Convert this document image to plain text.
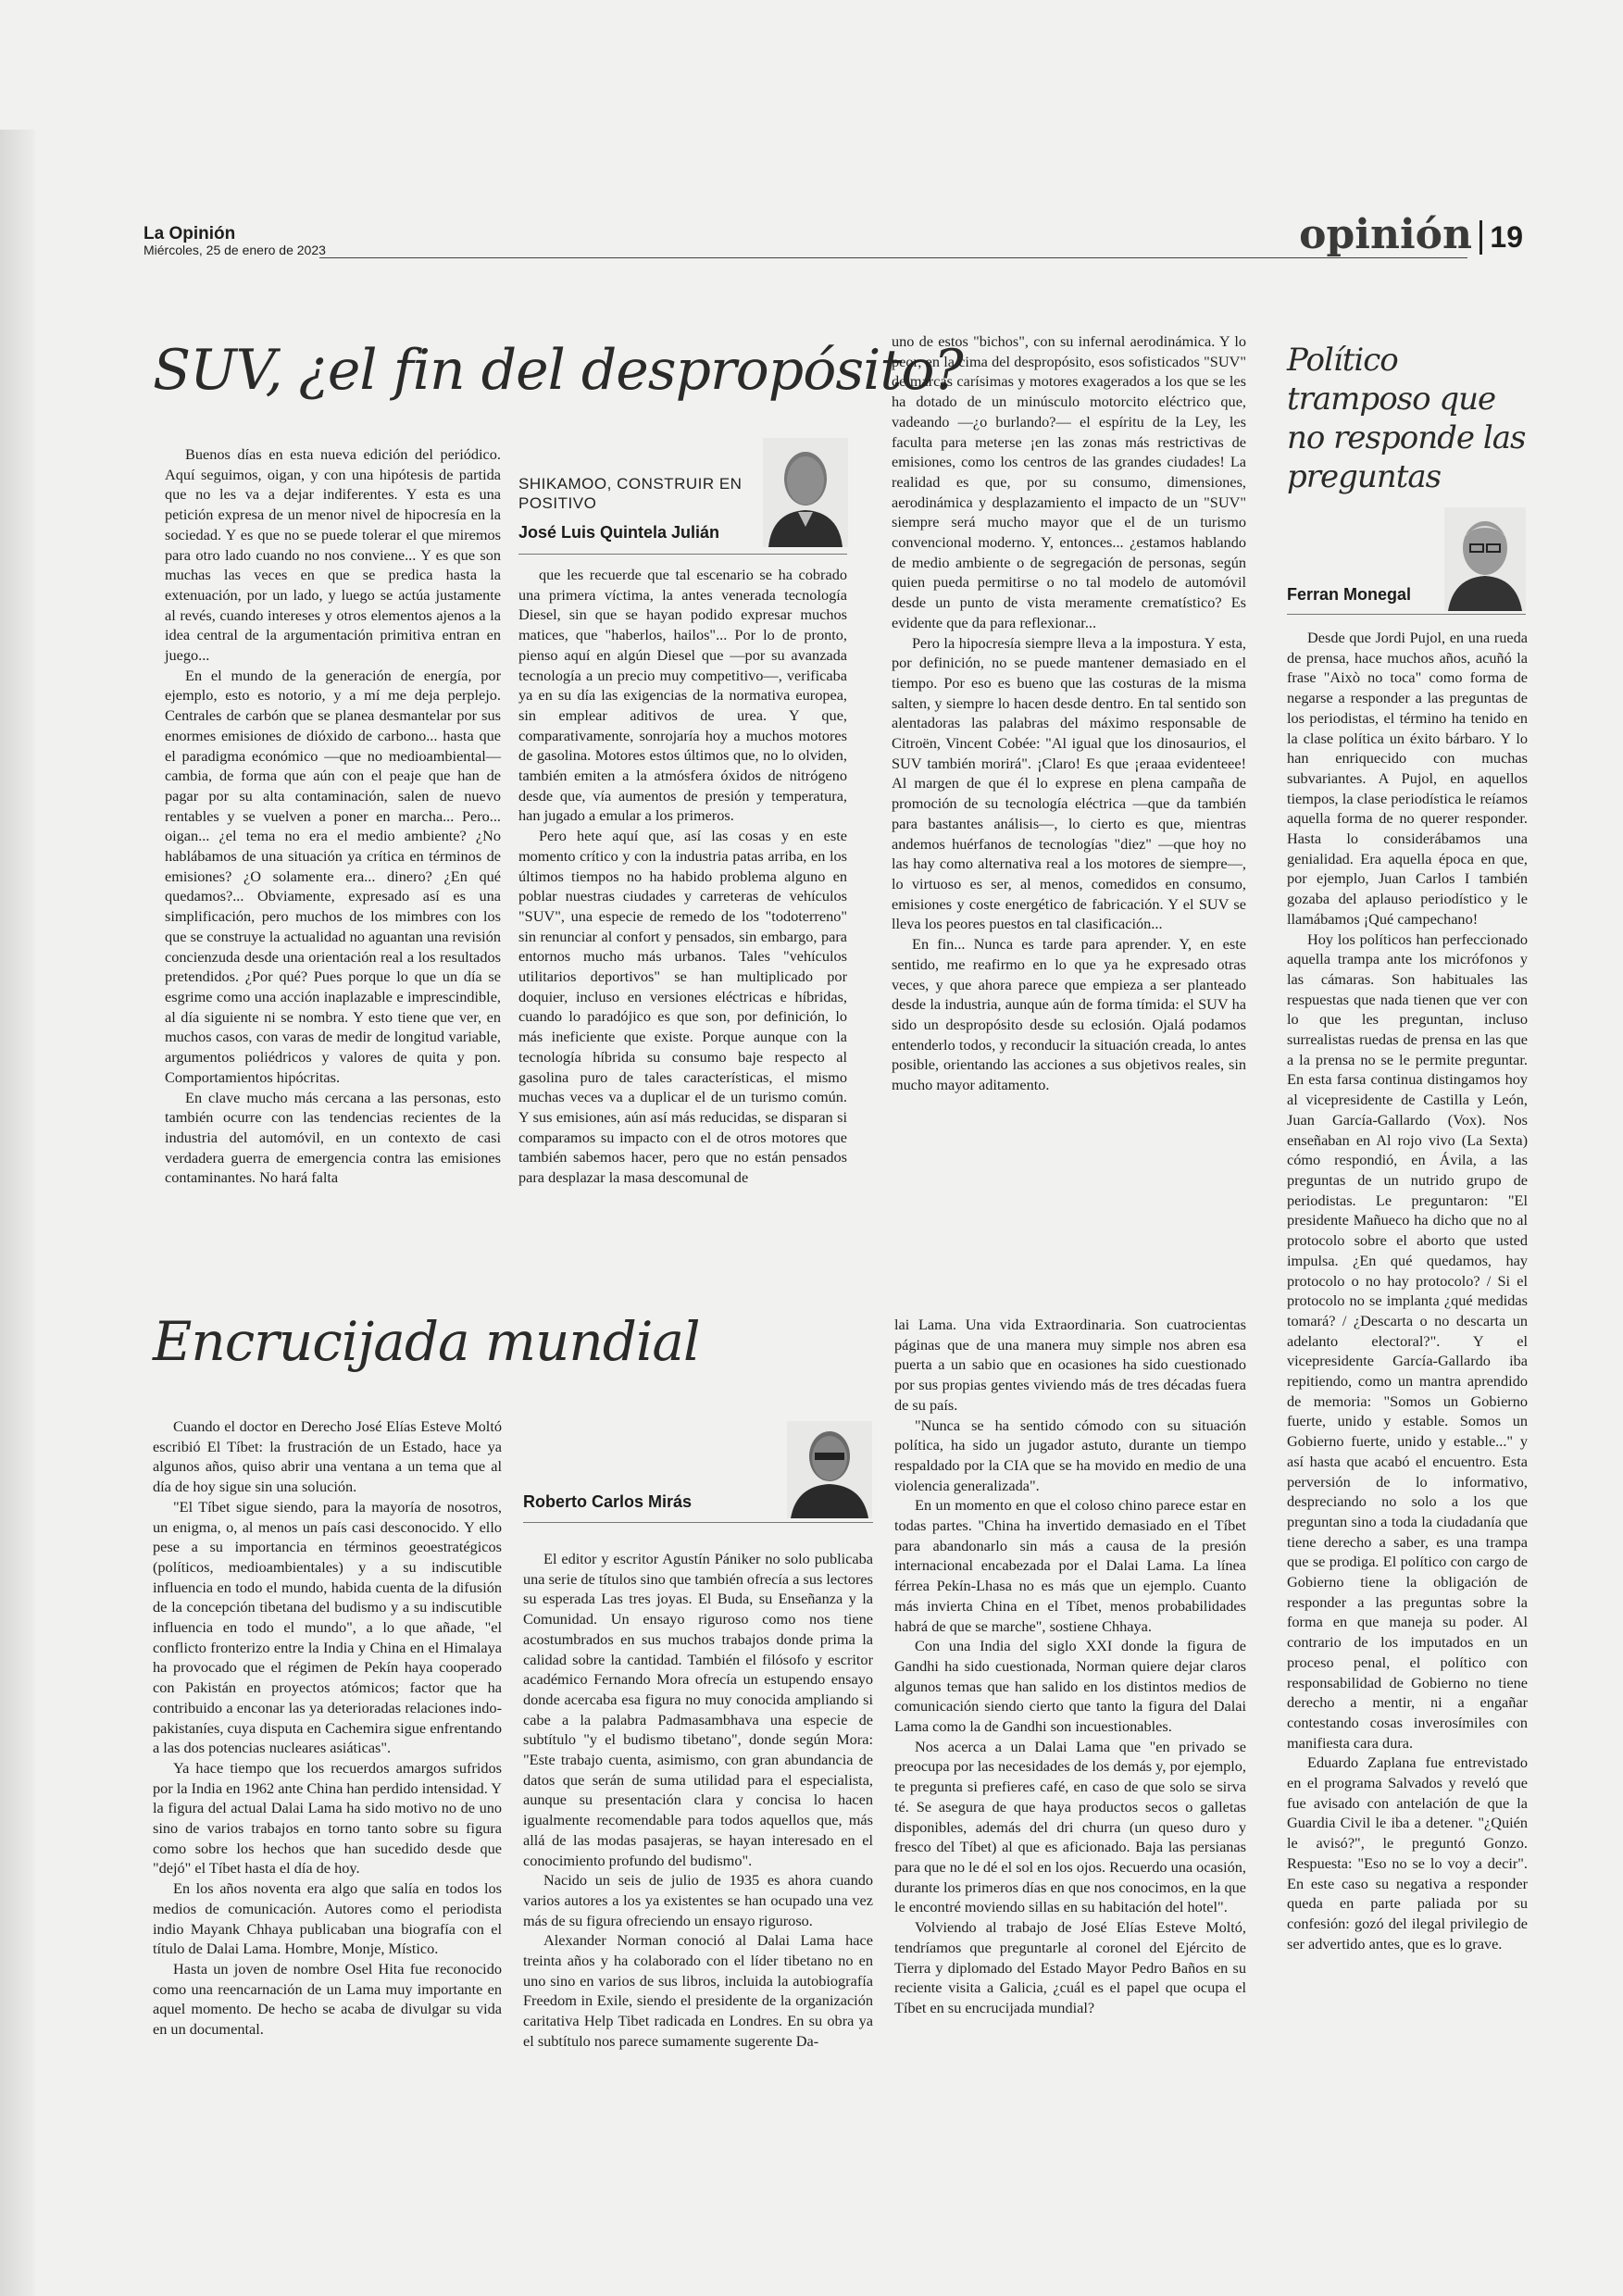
La Opinión
Miércoles, 25 de enero de 2023	opinión 19
SUV, ¿el fin del despropósito?

Buenos días en esta nueva edición del periódico. Aquí seguimos, oigan, y con una hipótesis de partida que no les va a dejar indiferentes. Y esta es una petición expresa de un menor nivel de hipocresía en la sociedad. Y es que no se puede tolerar el que miremos para otro lado cuando no nos conviene... Y es que son muchas las veces en que se predica hasta la extenuación, por un lado, y luego se actúa justamente al revés, cuando intereses y otros elementos ajenos a la idea central de la argumentación primitiva entran en juego...

En el mundo de la generación de energía, por ejemplo, esto es notorio, y a mí me deja perplejo. Centrales de carbón que se planea desmantelar por sus enormes emisiones de dióxido de carbono... hasta que el paradigma económico —que no medioambiental— cambia, de forma que aún con el peaje que han de pagar por su alta contaminación, salen de nuevo rentables y se vuelven a poner en marcha... Pero... oigan... ¿el tema no era el medio ambiente? ¿No hablábamos de una situación ya crítica en términos de emisiones? ¿O solamente era... dinero? ¿En qué quedamos?... Obviamente, expresado así es una simplificación, pero muchos de los mimbres con los que se construye la actualidad no aguantan una revisión concienzuda desde una orientación real a los resultados pretendidos. ¿Por qué? Pues porque lo que un día se esgrime como una acción inaplazable e imprescindible, al día siguiente ni se nombra. Y esto tiene que ver, en muchos casos, con varas de medir de longitud variable, argumentos poliédricos y valores de quita y pon. Comportamientos hipócritas.

En clave mucho más cercana a las personas, esto también ocurre con las tendencias recientes de la industria del automóvil, en un contexto de casi verdadera guerra de emergencia contra las emisiones contaminantes. No hará falta

SHIKAMOO, CONSTRUIR EN POSITIVO
José Luis Quintela Julián

que les recuerde que tal escenario se ha cobrado una primera víctima, la antes venerada tecnología Diesel, sin que se hayan podido expresar muchos matices, que "haberlos, hailos"... Por lo de pronto, pienso aquí en algún Diesel que —por su avanzada tecnología a un precio muy competitivo—, verificaba ya en su día las exigencias de la normativa europea, sin emplear aditivos de urea. Y que, comparativamente, sonrojaría hoy a muchos motores de gasolina. Motores estos últimos que, no lo olviden, también emiten a la atmósfera óxidos de nitrógeno desde que, vía aumentos de presión y temperatura, han jugado a emular a los primeros.

Pero hete aquí que, así las cosas y en este momento crítico y con la industria patas arriba, en los últimos tiempos no ha habido problema alguno en poblar nuestras ciudades y carreteras de vehículos "SUV", una especie de remedo de los "todoterreno" sin renunciar al confort y pensados, sin embargo, para entornos mucho más urbanos. Tales "vehículos utilitarios deportivos" se han multiplicado por doquier, incluso en versiones eléctricas e híbridas, cuando lo paradójico es que son, por definición, lo más ineficiente que existe. Porque aunque con la tecnología híbrida su consumo baje respecto al gasolina puro de tales características, el mismo muchas veces va a duplicar el de un turismo común. Y sus emisiones, aún así más reducidas, se disparan si comparamos su impacto con el de otros motores que también sabemos hacer, pero que no están pensados para desplazar la masa descomunal de

uno de estos "bichos", con su infernal aerodinámica. Y lo peor, en la cima del despropósito, esos sofisticados "SUV" de marcas carísimas y motores exagerados a los que se les ha dotado de un minúsculo motorcito eléctrico que, vadeando —¿o burlando?— el espíritu de la Ley, les faculta para meterse ¡en las zonas más restrictivas de emisiones, como los centros de las grandes ciudades! La realidad es que, por su consumo, dimensiones, aerodinámica y desplazamiento el impacto de un "SUV" siempre será mucho mayor que el de un turismo convencional moderno. Y, entonces... ¿estamos hablando de medio ambiente o de segregación de personas, según quien pueda permitirse o no tal modelo de automóvil desde un punto de vista meramente crematístico? Es evidente que da para reflexionar...

Pero la hipocresía siempre lleva a la impostura. Y esta, por definición, no se puede mantener demasiado en el tiempo. Por eso es bueno que las costuras de la misma salten, y siempre lo hacen desde dentro. En tal sentido son alentadoras las palabras del máximo responsable de Citroën, Vincent Cobée: "Al igual que los dinosaurios, el SUV también morirá". ¡Claro! Es que ¡eraaa evidenteee! Al margen de que él lo exprese en plena campaña de promoción de su tecnología eléctrica —que da también para bastantes análisis—, lo cierto es que, mientras andemos huérfanos de tecnologías "diez" —que hoy no las hay como alternativa real a los motores de siempre—, lo virtuoso es ser, al menos, comedidos en consumo, emisiones y coste energético de fabricación. Y el SUV se lleva los peores puestos en tal clasificación...

En fin... Nunca es tarde para aprender. Y, en este sentido, me reafirmo en lo que ya he expresado otras veces, y que ahora parece que empieza a ser planteado desde la industria, aunque aún de forma tímida: el SUV ha sido un despropósito desde su eclosión. Ojalá podamos entenderlo todos, y reconducir la situación creada, lo antes posible, orientando las acciones a sus objetivos reales, sin mucho mayor aditamento.

Encrucijada mundial

Cuando el doctor en Derecho José Elías Esteve Moltó escribió El Tíbet: la frustración de un Estado, hace ya algunos años, quiso abrir una ventana a un tema que al día de hoy sigue sin una solución.

"El Tíbet sigue siendo, para la mayoría de nosotros, un enigma, o, al menos un país casi desconocido. Y ello pese a su importancia en términos geoestratégicos (políticos, medioambientales) y a su indiscutible influencia en todo el mundo, habida cuenta de la difusión de la concepción tibetana del budismo y a su indiscutible influencia en todo el mundo", a lo que añade, "el conflicto fronterizo entre la India y China en el Himalaya ha provocado que el régimen de Pekín haya cooperado con Pakistán en proyectos atómicos; factor que ha contribuido a enconar las ya deterioradas relaciones indo-pakistaníes, cuya disputa en Cachemira sigue enfrentando a las dos potencias nucleares asiáticas".

Ya hace tiempo que los recuerdos amargos sufridos por la India en 1962 ante China han perdido intensidad. Y la figura del actual Dalai Lama ha sido motivo no de uno sino de varios trabajos en torno tanto sobre su figura como sobre los hechos que han sucedido desde que "dejó" el Tíbet hasta el día de hoy.

En los años noventa era algo que salía en todos los medios de comunicación. Autores como el periodista indio Mayank Chhaya publicaban una biografía con el título de Dalai Lama. Hombre, Monje, Místico.

Hasta un joven de nombre Osel Hita fue reconocido como una reencarnación de un Lama muy importante en aquel momento. De hecho se acaba de divulgar su vida en un documental.

Roberto Carlos Mirás

El editor y escritor Agustín Pániker no solo publicaba una serie de títulos sino que también ofrecía a sus lectores su esperada Las tres joyas. El Buda, su Enseñanza y la Comunidad. Un ensayo riguroso como nos tiene acostumbrados en sus muchos trabajos donde prima la calidad sobre la cantidad. También el filósofo y escritor académico Fernando Mora ofrecía un estupendo ensayo donde acercaba esa figura no muy conocida ampliando si cabe a la palabra Padmasambhava una especie de subtítulo "y el budismo tibetano", donde según Mora: "Este trabajo cuenta, asimismo, con gran abundancia de datos que serán de suma utilidad para el especialista, aunque su presentación clara y concisa lo hacen igualmente recomendable para todos aquellos que, más allá de las modas pasajeras, se hayan interesado en el conocimiento profundo del budismo".

Nacido un seis de julio de 1935 es ahora cuando varios autores a los ya existentes se han ocupado una vez más de su figura ofreciendo un ensayo riguroso.

Alexander Norman conoció al Dalai Lama hace treinta años y ha colaborado con el líder tibetano no en uno sino en varios de sus libros, incluida la autobiografía Freedom in Exile, siendo el presidente de la organización caritativa Help Tibet radicada en Londres. En su obra ya el subtítulo nos parece sumamente sugerente Da-

lai Lama. Una vida Extraordinaria. Son cuatrocientas páginas que de una manera muy simple nos abren esa puerta a un sabio que en ocasiones ha sido cuestionado por sus propias gentes viviendo más de tres décadas fuera de su país.

"Nunca se ha sentido cómodo con su situación política, ha sido un jugador astuto, durante un tiempo respaldado por la CIA que se ha movido en medio de una violencia generalizada".

En un momento en que el coloso chino parece estar en todas partes. "China ha invertido demasiado en el Tíbet para abandonarlo sin más a causa de la presión internacional encabezada por el Dalai Lama. La línea férrea Pekín-Lhasa no es más que un ejemplo. Cuanto más invierta China en el Tíbet, menos probabilidades habrá de que se marche", sostiene Chhaya.

Con una India del siglo XXI donde la figura de Gandhi ha sido cuestionada, Norman quiere dejar claros algunos temas que han salido en los distintos medios de comunicación siendo cierto que tanto la figura del Dalai Lama como la de Gandhi son incuestionables.

Nos acerca a un Dalai Lama que "en privado se preocupa por las necesidades de los demás y, por ejemplo, te pregunta si prefieres café, en caso de que solo se sirva té. Se asegura de que haya productos secos o galletas disponibles, además del dri churra (un queso duro y fresco del Tíbet) al que es aficionado. Baja las persianas para que no le dé el sol en los ojos. Recuerdo una ocasión, durante los primeros días en que nos conocimos, en la que le encontré moviendo sillas en su habitación del hotel".

Volviendo al trabajo de José Elías Esteve Moltó, tendríamos que preguntarle al coronel del Ejército de Tierra y diplomado del Estado Mayor Pedro Baños en su reciente visita a Galicia, ¿cuál es el papel que ocupa el Tíbet en su encrucijada mundial?

Político tramposo que no responde las preguntas
Ferran Monegal

Desde que Jordi Pujol, en una rueda de prensa, hace muchos años, acuñó la frase "Això no toca" como forma de negarse a responder a las preguntas de los periodistas, el término ha tenido en la clase política un éxito bárbaro. Y lo han enriquecido con muchas subvariantes. A Pujol, en aquellos tiempos, la clase periodística le reíamos aquella forma de no querer responder. Hasta lo considerábamos una genialidad. Era aquella época en que, por ejemplo, Juan Carlos I también gozaba del aplauso periodístico y le llamábamos ¡Qué campechano!

Hoy los políticos han perfeccionado aquella trampa ante los micrófonos y las cámaras. Son habituales las respuestas que nada tienen que ver con lo que les preguntan, incluso surrealistas ruedas de prensa en las que a la prensa no se le permite preguntar. En esta farsa continua distingamos hoy al vicepresidente de Castilla y León, Juan García-Gallardo (Vox). Nos enseñaban en Al rojo vivo (La Sexta) cómo respondió, en Ávila, a las preguntas de un nutrido grupo de periodistas. Le preguntaron: "El presidente Mañueco ha dicho que no al protocolo sobre el aborto que usted impulsa. ¿En qué quedamos, hay protocolo o no hay protocolo? / Si el protocolo no se implanta ¿qué medidas tomará? / ¿Descarta o no descarta un adelanto electoral?". Y el vicepresidente García-Gallardo iba repitiendo, como un mantra aprendido de memoria: "Somos un Gobierno fuerte, unido y estable. Somos un Gobierno fuerte, unido y estable..." y así hasta que acabó el encuentro. Esta perversión de lo informativo, despreciando no solo a los que preguntan sino a toda la ciudadanía que tiene derecho a saber, es una trampa que se prodiga. El político con cargo de Gobierno tiene la obligación de responder a las preguntas sobre la forma en que maneja su poder. Al contrario de los imputados en un proceso penal, el político con responsabilidad de Gobierno no tiene derecho a mentir, ni a engañar contestando cosas inverosímiles con manifiesta cara dura.

Eduardo Zaplana fue entrevistado en el programa Salvados y reveló que fue avisado con antelación de que la Guardia Civil le iba a detener. "¿Quién le avisó?", le preguntó Gonzo. Respuesta: "Eso no se lo voy a decir". En este caso su negativa a responder queda en parte paliada por su confesión: gozó del ilegal privilegio de ser advertido antes, que es lo grave.
